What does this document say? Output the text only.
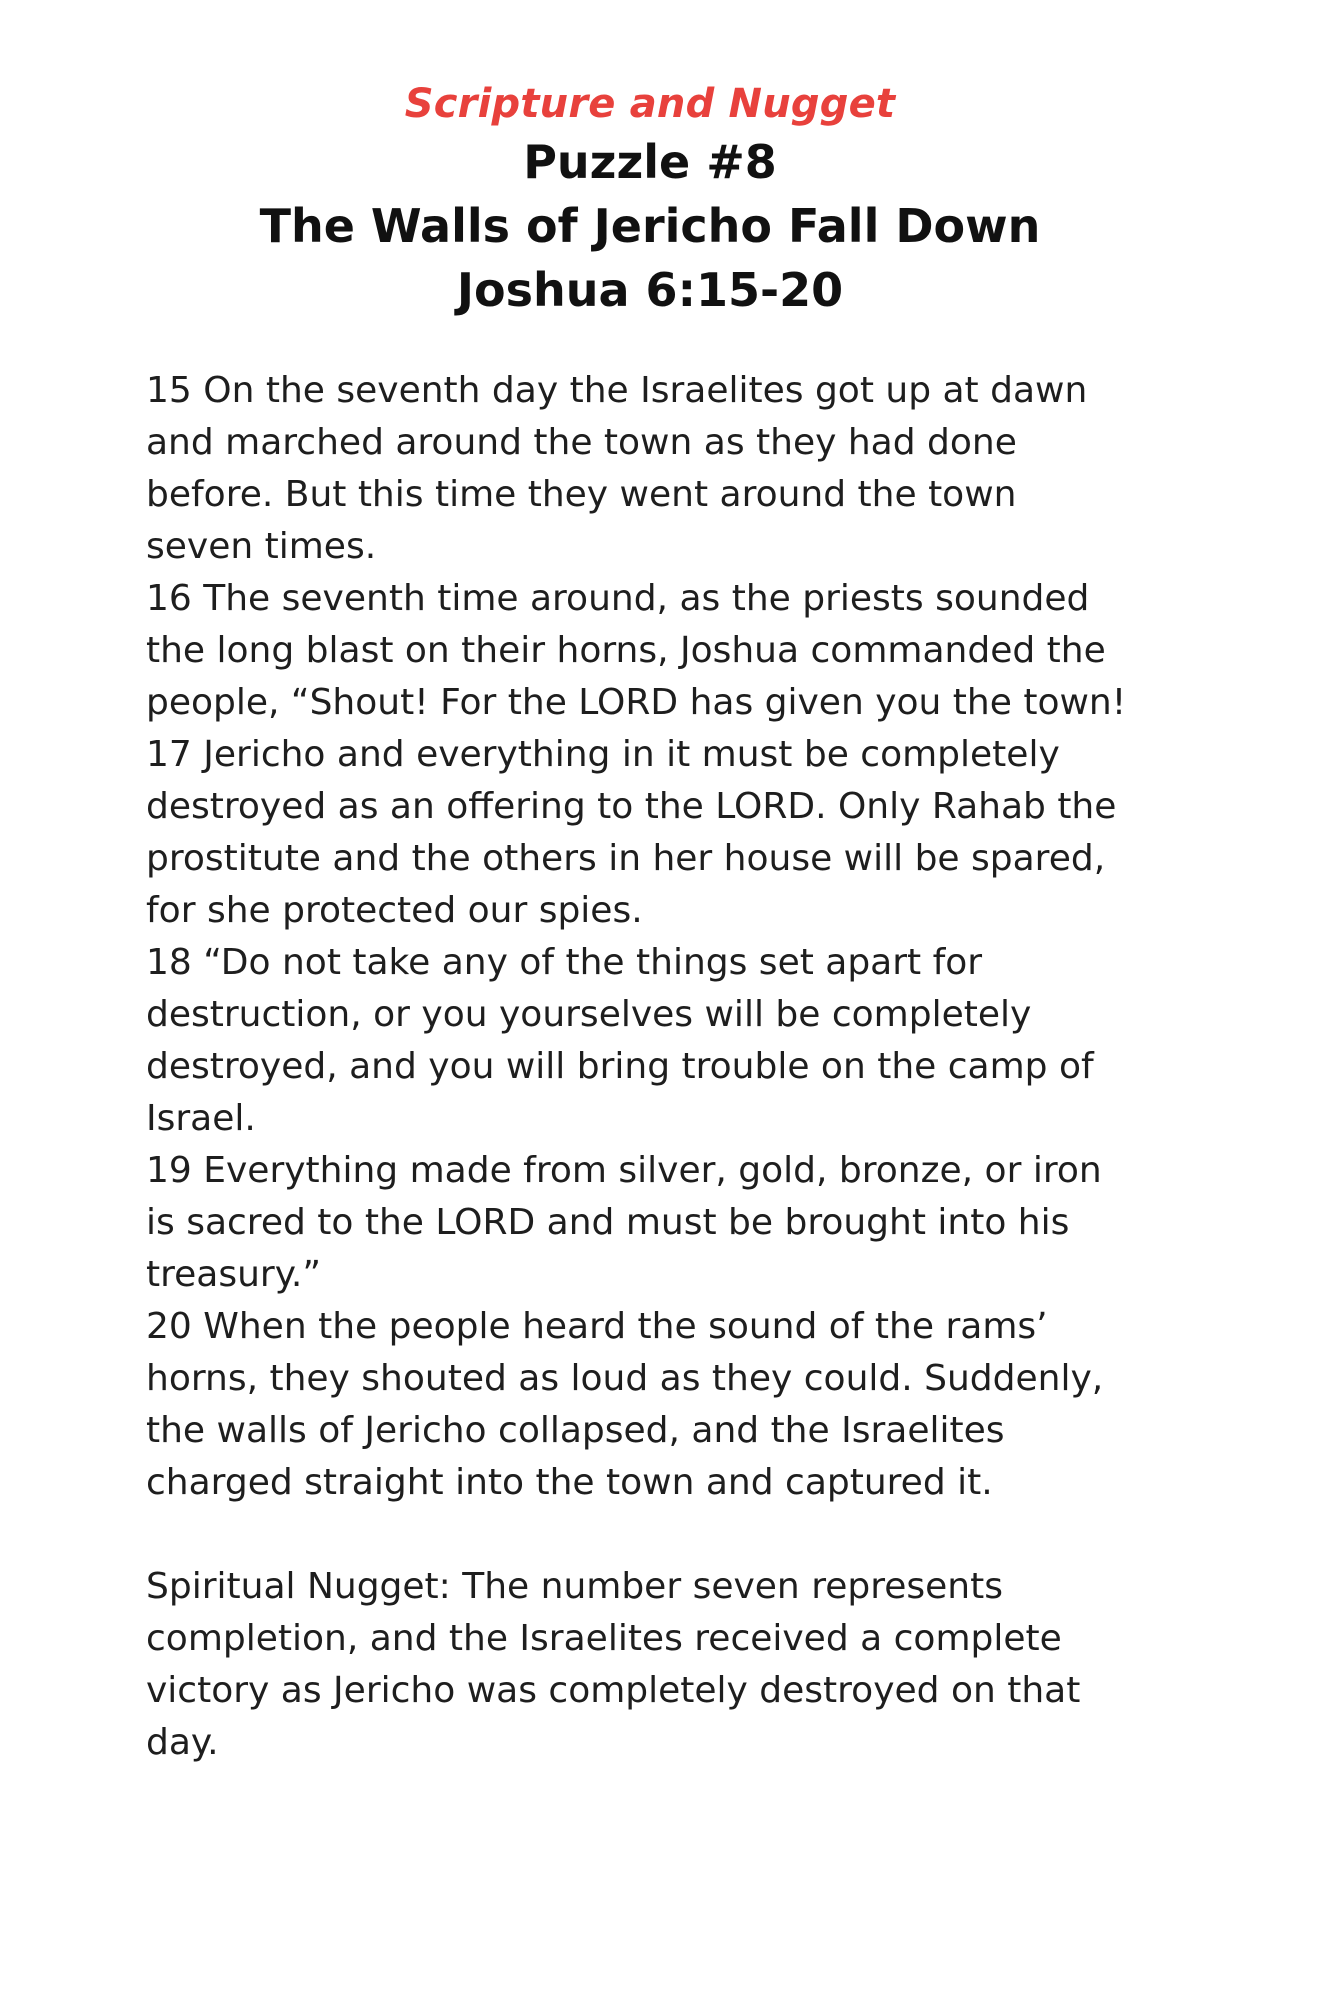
Scripture and Nugget
Puzzle #8
The Walls of Jericho Fall Down
Joshua 6:15-20
15 On the seventh day the Israelites got up at dawn
and marched around the town as they had done
before. But this time they went around the town
seven times.
16 The seventh time around, as the priests sounded
the long blast on their horns, Joshua commanded the
people, “Shout! For the LORD has given you the town!
17 Jericho and everything in it must be completely
destroyed as an offering to the LORD. Only Rahab the
prostitute and the others in her house will be spared,
for she protected our spies.
18 “Do not take any of the things set apart for
destruction, or you yourselves will be completely
destroyed, and you will bring trouble on the camp of
Israel.
19 Everything made from silver, gold, bronze, or iron
is sacred to the LORD and must be brought into his
treasury.”
20 When the people heard the sound of the rams’
horns, they shouted as loud as they could. Suddenly,
the walls of Jericho collapsed, and the Israelites
charged straight into the town and captured it.
Spiritual Nugget: The number seven represents
completion, and the Israelites received a complete
victory as Jericho was completely destroyed on that
day.
